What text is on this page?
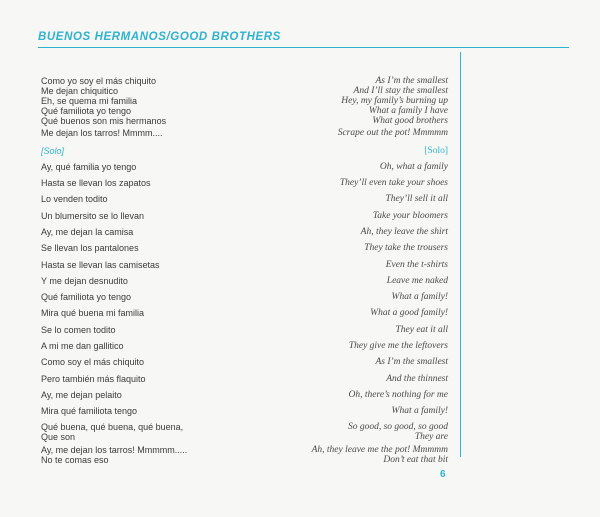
BUENOS HERMANOS/GOOD BROTHERS
Como yo soy el más chiquito	As I’m the smallest
Me dejan chiquitico	And I’ll stay the smallest
Eh, se quema mi familia	Hey, my family’s burning up
Qué familiota yo tengo	What a family I have
Qué buenos son mis hermanos	What good brothers
Me dejan los tarros! Mmmm....	Scrape out the pot! Mmmmm
[Solo]	[Solo]
Ay, qué familia yo tengo	Oh, what a family
Hasta se llevan los zapatos	They’ll even take your shoes
Lo venden todito	They’ll sell it all
Un blumersito se lo llevan	Take your bloomers
Ay, me dejan la camisa	Ah, they leave the shirt
Se llevan los pantalones	They take the trousers
Hasta se llevan las camisetas	Even the t-shirts
Y me dejan desnudito	Leave me naked
Qué familiota yo tengo	What a family!
Mira qué buena mi familia	What a good family!
Se lo comen todito	They eat it all
A mi me dan gallitico	They give me the leftovers
Como soy el más chiquito	As I’m the smallest
Pero también más flaquito	And the thinnest
Ay, me dejan pelaito	Oh, there’s nothing for me
Mira qué familiota tengo	What a family!
Qué buena, qué buena, qué buena,	So good, so good, so good
Que son	They are
Ay, me dejan los tarros! Mmmmm.....	Ah, they leave me the pot! Mmmmm
No te comas eso	Don’t eat that bit
6
